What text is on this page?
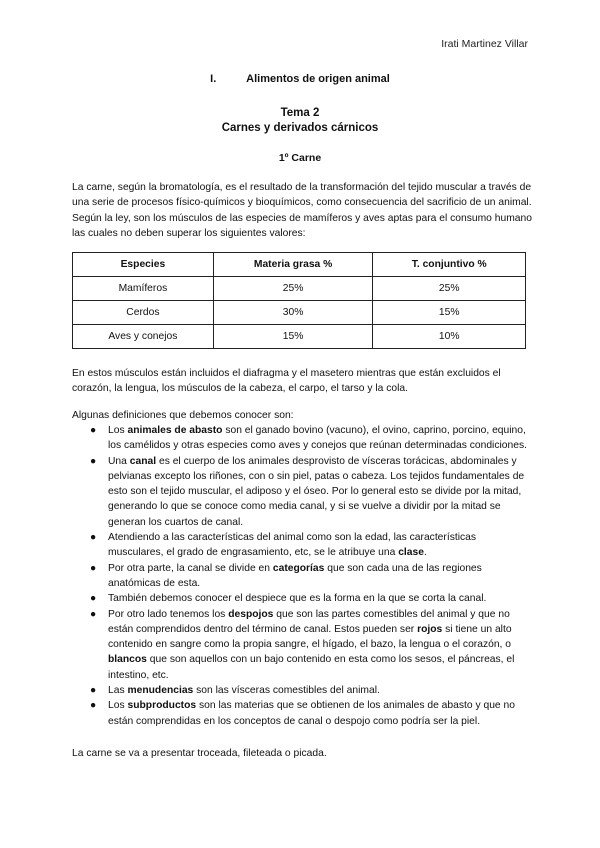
Irati Martinez Villar
I.	Alimentos de origen animal
Tema 2
Carnes y derivados cárnicos
1º Carne
La carne, según la bromatología, es el resultado de la transformación del tejido muscular a través de una serie de procesos físico-químicos y bioquímicos, como consecuencia del sacrificio de un animal. Según la ley, son los músculos de las especies de mamíferos y aves aptas para el consumo humano las cuales no deben superar los siguientes valores:
Especies	Materia grasa %	T. conjuntivo %
Mamíferos	25%	25%
Cerdos	30%	15%
Aves y conejos	15%	10%
En estos músculos están incluidos el diafragma y el masetero mientras que están excluidos el corazón, la lengua, los músculos de la cabeza, el carpo, el tarso y la cola.
Algunas definiciones que debemos conocer son:
● Los animales de abasto son el ganado bovino (vacuno), el ovino, caprino, porcino, equino, los camélidos y otras especies como aves y conejos que reúnan determinadas condiciones.
● Una canal es el cuerpo de los animales desprovisto de vísceras torácicas, abdominales y pelvianas excepto los riñones, con o sin piel, patas o cabeza. Los tejidos fundamentales de esto son el tejido muscular, el adiposo y el óseo. Por lo general esto se divide por la mitad, generando lo que se conoce como media canal, y si se vuelve a dividir por la mitad se generan los cuartos de canal.
● Atendiendo a las características del animal como son la edad, las características musculares, el grado de engrasamiento, etc, se le atribuye una clase.
● Por otra parte, la canal se divide en categorías que son cada una de las regiones anatómicas de esta.
● También debemos conocer el despiece que es la forma en la que se corta la canal.
● Por otro lado tenemos los despojos que son las partes comestibles del animal y que no están comprendidos dentro del término de canal. Estos pueden ser rojos si tiene un alto contenido en sangre como la propia sangre, el hígado, el bazo, la lengua o el corazón, o blancos que son aquellos con un bajo contenido en esta como los sesos, el páncreas, el intestino, etc.
● Las menudencias son las vísceras comestibles del animal.
● Los subproductos son las materias que se obtienen de los animales de abasto y que no están comprendidas en los conceptos de canal o despojo como podría ser la piel.
La carne se va a presentar troceada, fileteada o picada.
